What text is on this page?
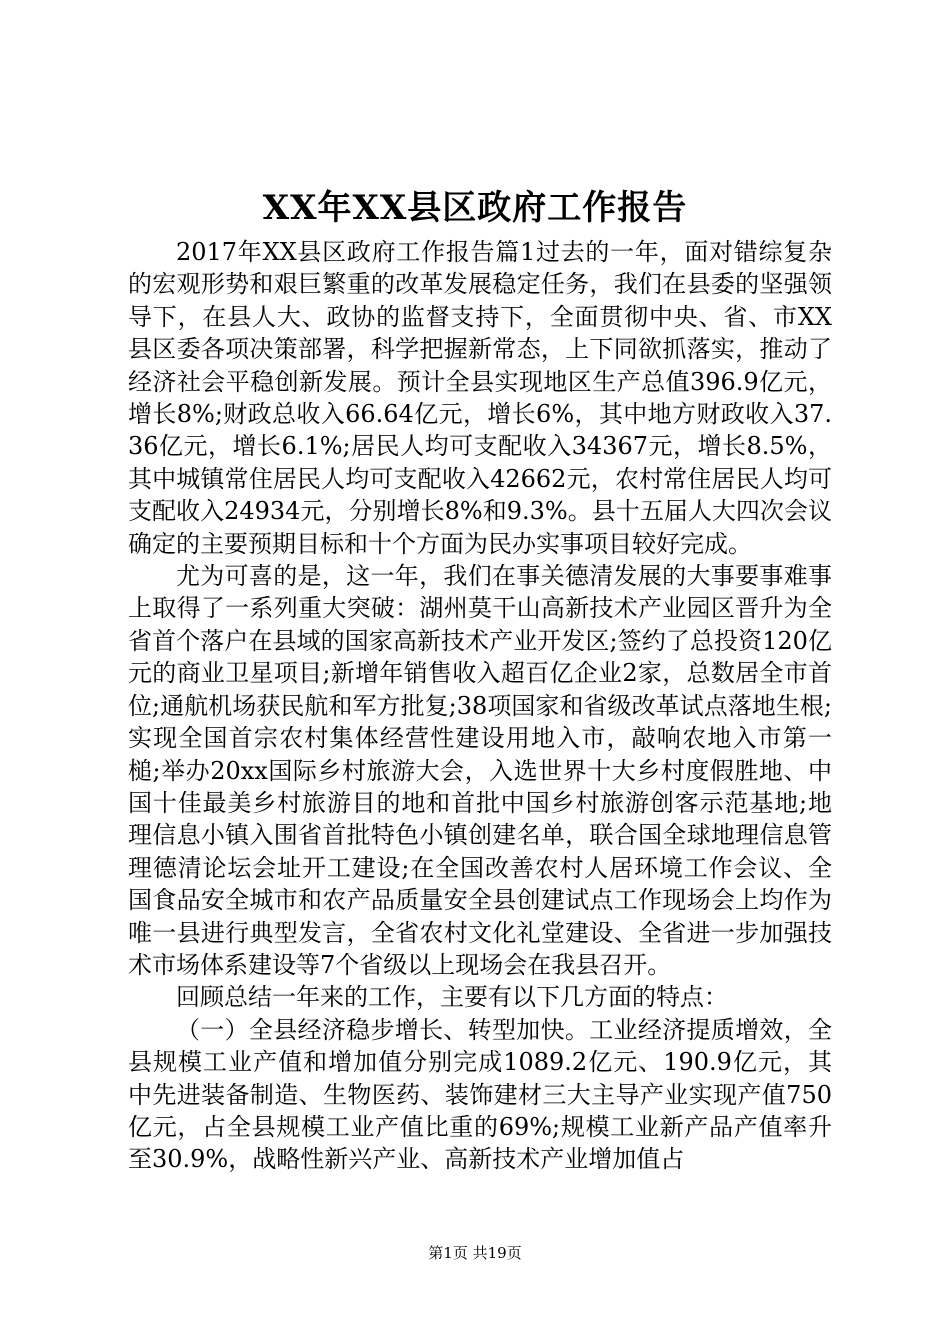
XX年XX县区政府工作报告

2017年XX县区政府工作报告篇1过去的一年，面对错综复杂的宏观形势和艰巨繁重的改革发展稳定任务，我们在县委的坚强领导下，在县人大、政协的监督支持下，全面贯彻中央、省、市XX县区委各项决策部署，科学把握新常态，上下同欲抓落实，推动了经济社会平稳创新发展。预计全县实现地区生产总值396.9亿元，增长8%;财政总收入66.64亿元，增长6%，其中地方财政收入37.36亿元，增长6.1%;居民人均可支配收入34367元，增长8.5%，其中城镇常住居民人均可支配收入42662元，农村常住居民人均可支配收入24934元，分别增长8%和9.3%。县十五届人大四次会议确定的主要预期目标和十个方面为民办实事项目较好完成。

尤为可喜的是，这一年，我们在事关德清发展的大事要事难事上取得了一系列重大突破：湖州莫干山高新技术产业园区晋升为全省首个落户在县域的国家高新技术产业开发区;签约了总投资120亿元的商业卫星项目;新增年销售收入超百亿企业2家，总数居全市首位;通航机场获民航和军方批复;38项国家和省级改革试点落地生根;实现全国首宗农村集体经营性建设用地入市，敲响农地入市第一槌;举办20xx国际乡村旅游大会，入选世界十大乡村度假胜地、中国十佳最美乡村旅游目的地和首批中国乡村旅游创客示范基地;地理信息小镇入围省首批特色小镇创建名单，联合国全球地理信息管理德清论坛会址开工建设;在全国改善农村人居环境工作会议、全国食品安全城市和农产品质量安全县创建试点工作现场会上均作为唯一县进行典型发言，全省农村文化礼堂建设、全省进一步加强技术市场体系建设等7个省级以上现场会在我县召开。

回顾总结一年来的工作，主要有以下几方面的特点：

（一）全县经济稳步增长、转型加快。工业经济提质增效，全县规模工业产值和增加值分别完成1089.2亿元、190.9亿元，其中先进装备制造、生物医药、装饰建材三大主导产业实现产值750亿元，占全县规模工业产值比重的69%;规模工业新产品产值率升至30.9%，战略性新兴产业、高新技术产业增加值占

第1页 共19页
